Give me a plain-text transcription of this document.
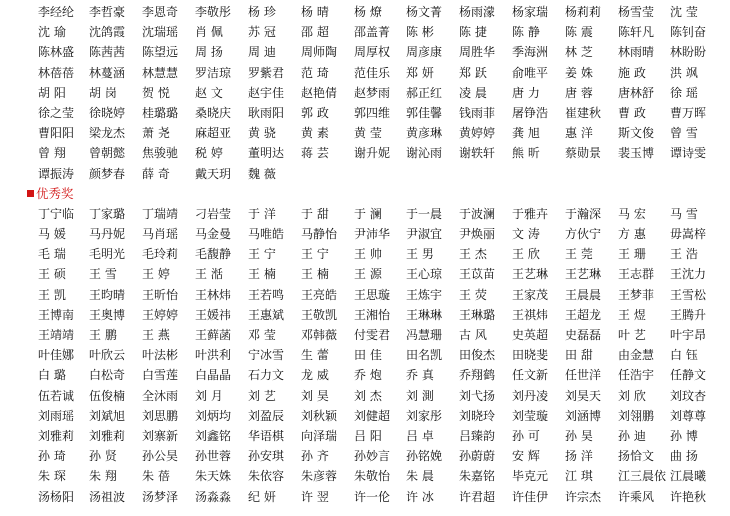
李经纶	李哲豪	李恩奇	李敬彤	杨 珍	杨 晴	杨 燎	杨文菁	杨雨濛	杨家瑞	杨莉莉	杨雪莹	沈 莹
沈 瑜	沈鸽霞	沈瑞瑶	肖 佩	苏 冠	邵 超	邵盖菁	陈 彬	陈 捷	陈 静	陈 震	陈轩凡	陈钊奋
陈林盛	陈茜茜	陈望远	周 扬	周 迪	周师陶	周厚权	周彦康	周胜华	季海洲	林 芝	林雨晴	林盼盼
林蓓蓓	林蔓涵	林慧慧	罗洁琼	罗紫君	范 琦	范佳乐	郑 妍	郑 跃	俞唯平	姜 姝	施 政	洪 飒
胡 阳	胡 岗	贺 悦	赵 文	赵宇佳	赵艳倩	赵梦雨	郝正红	凌 晨	唐 力	唐 蓉	唐林舒	徐 瑶
徐之莹	徐晓婷	桂璐璐	桑晓庆	耿雨阳	郭 政	郭四维	郭佳馨	钱雨菲	屠铮浩	崔建秋	曹 政	曹万晖
曹阳阳	梁龙杰	萧 尧	麻超亚	黄 骁	黄 素	黄 莹	黄彦琳	黄婷婷	龚 旭	惠 洋	斯文俊	曾 雪
曾 翔	曾朝懿	焦骏驰	税 婷	董明达	蒋 芸	谢升妮	谢沁雨	谢轶轩	熊 昕	蔡勋景	裴玉博	谭诗雯
谭振涛	颜梦春	薛 奇	戴天玥	魏 薇
优秀奖
丁宁临	丁家璐	丁瑞靖	刁岩莹	于 洋	于 甜	于 澜	于一晨	于波澜	于雅卉	于瀚深	马 宏	马 雪
马 媛	马丹妮	马肖瑶	马金曼	马唯皓	马静怡	尹沛华	尹淑宜	尹焕丽	文 涛	方伙宁	方 惠	毋嵩梓
毛 瑞	毛明光	毛玲莉	毛馥静	王 宁	王 宁	王 帅	王 男	王 杰	王 欣	王 莞	王 珊	王 浩
王 硕	王 雪	王 婷	王 湉	王 楠	王 楠	王 源	王心琼	王苡苗	王艺琳	王艺琳	王志群	王沈力
王 凯	王昀晴	王昕怡	王林炜	王若鸣	王亮皓	王思璇	王炼宇	王 荧	王家茂	王晨晨	王梦菲	王雪松
王博南	王奥博	王婷婷	王媛祎	王惠斌	王敬凯	王湘怡	王琳琳	王琳璐	王祺炜	王超龙	王 煜	王腾升
王靖靖	王 鹏	王 燕	王藓菡	邓 莹	邓韩薇	付雯君	冯慧珊	古 风	史英超	史磊磊	叶 艺	叶宇昂
叶佳娜	叶欣云	叶法彬	叶洪利	宁冰雪	生 蕾	田 佳	田名凯	田俊杰	田晓斐	田 甜	由金慧	白 钰
白 璐	白松奇	白雪莲	白晶晶	石力文	龙 威	乔 炮	乔 真	乔翔鹤	任文新	任世洋	任浩宇	任静文
伍若诚	伍俊楠	全沐雨	刘 月	刘 艺	刘 昊	刘 杰	刘 測	刘弋扬	刘丹凌	刘昊天	刘 欣	刘玟杏
刘雨瑶	刘斌旭	刘思鹏	刘炳均	刘盈辰	刘秋颖	刘健超	刘家彤	刘晓玲	刘莹璇	刘涵博	刘翎鹏	刘尊尊
刘雅莉	刘雅莉	刘寨新	刘鑫铭	华语棋	向泽瑞	吕 阳	吕 卓	吕臻韵	孙 可	孙 昊	孙 迪	孙 博
孙 琦	孙 贤	孙公昊	孙世蓉	孙安琪	孙 齐	孙妙言	孙铭娩	孙蔚蔚	安 辉	扬 洋	扬恰文	曲 扬
朱 琛	朱 翔	朱 蓓	朱天姝	朱依容	朱彦蓉	朱敬怡	朱 晨	朱嘉铭	毕克元	江 琪	江三晨依 江晨曦
汤杨阳	汤祖波	汤梦泽	汤淼淼	纪 妍	许 翌	许一伦	许 冰	许君超	许佳伊	许宗杰	许乘风	许艳秋
